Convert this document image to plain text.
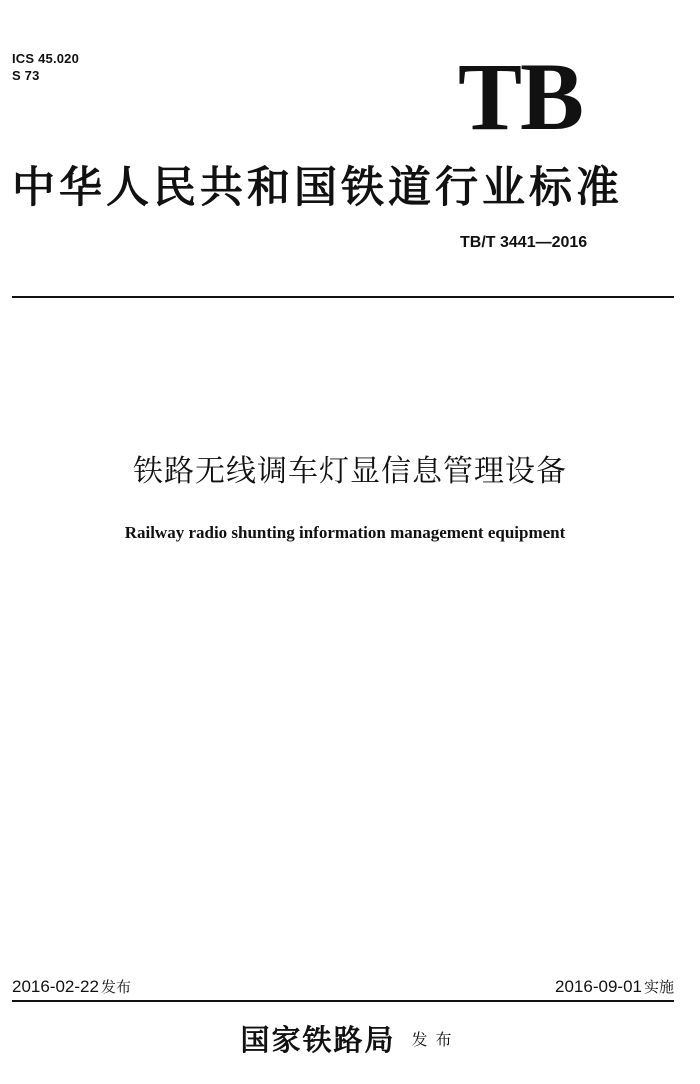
ICS 45.020
S 73	TB
中华人民共和国铁道行业标准
TB/T 3441—2016
铁路无线调车灯显信息管理设备
Railway radio shunting information management equipment
2016-02-22 发布	2016-09-01 实施
国家铁路局 发布
